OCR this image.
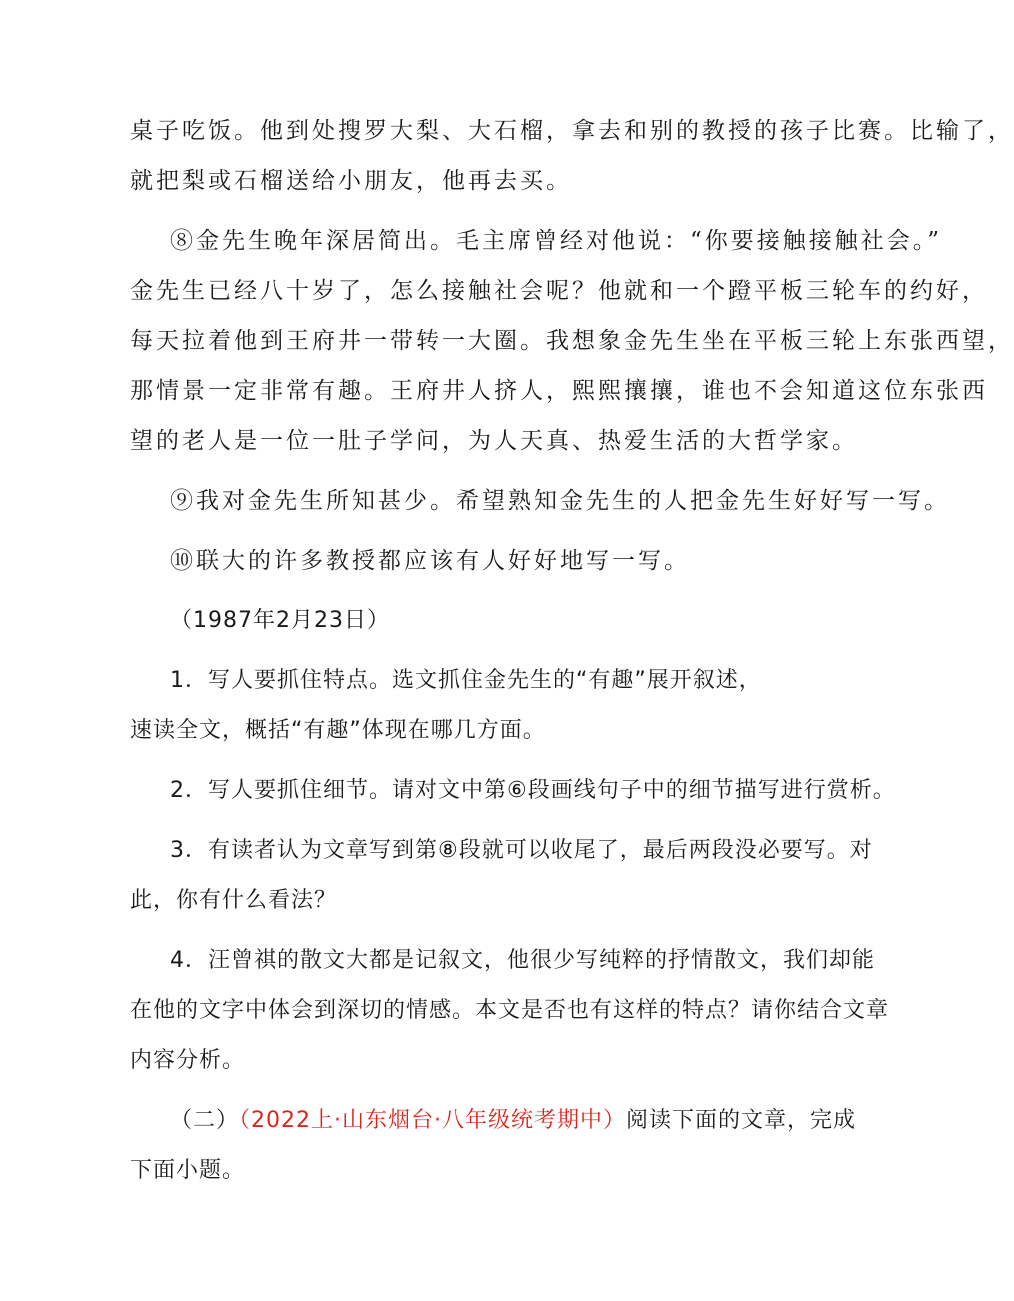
桌子吃饭。他到处搜罗大梨、大石榴，拿去和别的教授的孩子比赛。比输了，
就把梨或石榴送给小朋友，他再去买。
⑧金先生晚年深居简出。毛主席曾经对他说：“你要接触接触社会。”
金先生已经八十岁了，怎么接触社会呢？他就和一个蹬平板三轮车的约好，
每天拉着他到王府井一带转一大圈。我想象金先生坐在平板三轮上东张西望，
那情景一定非常有趣。王府井人挤人，熙熙攘攘，谁也不会知道这位东张西
望的老人是一位一肚子学问，为人天真、热爱生活的大哲学家。
⑨我对金先生所知甚少。希望熟知金先生的人把金先生好好写一写。
⑩联大的许多教授都应该有人好好地写一写。
（1987年2月23日）
1．写人要抓住特点。选文抓住金先生的“有趣”展开叙述，
速读全文，概括“有趣”体现在哪几方面。
2．写人要抓住细节。请对文中第⑥段画线句子中的细节描写进行赏析。
3．有读者认为文章写到第⑧段就可以收尾了，最后两段没必要写。对
此，你有什么看法？
4．汪曾祺的散文大都是记叙文，他很少写纯粹的抒情散文，我们却能
在他的文字中体会到深切的情感。本文是否也有这样的特点？请你结合文章
内容分析。
（二）（2022上·山东烟台·八年级统考期中）阅读下面的文章，完成
下面小题。
